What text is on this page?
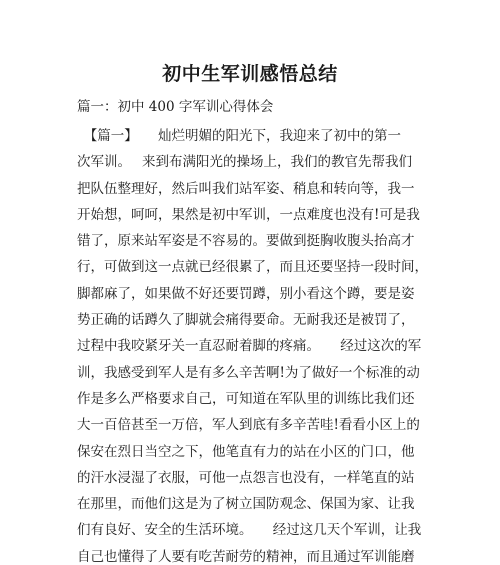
初中生军训感悟总结
篇一：初中 400 字军训心得体会
　【篇一】　　灿烂明媚的阳光下，我迎来了初中的第一
次军训。　 来到布满阳光的操场上，我们的教官先帮我们
把队伍整理好，然后叫我们站军姿、稍息和转向等，我一
开始想，呵呵，果然是初中军训，一点难度也没有!可是我
错了，原来站军姿是不容易的。要做到挺胸收腹头抬高才
行，可做到这一点就已经很累了，而且还要坚持一段时间，
脚都麻了，如果做不好还要罚蹲，别小看这个蹲，要是姿
势正确的话蹲久了脚就会痛得要命。无耐我还是被罚了，
过程中我咬紧牙关一直忍耐着脚的疼痛。　　经过这次的军
训，我感受到军人是有多么辛苦啊!为了做好一个标准的动
作是多么严格要求自己，可知道在军队里的训练比我们还
大一百倍甚至一万倍，军人到底有多辛苦哇!看看小区上的
保安在烈日当空之下，他笔直有力的站在小区的门口，他
的汗水浸湿了衣服，可他一点怨言也没有，一样笔直的站
在那里，而他们这是为了树立国防观念、保国为家、让我
们有良好、安全的生活环境。　　经过这几天个军训，让我
自己也懂得了人要有吃苦耐劳的精神，而且通过军训能磨
